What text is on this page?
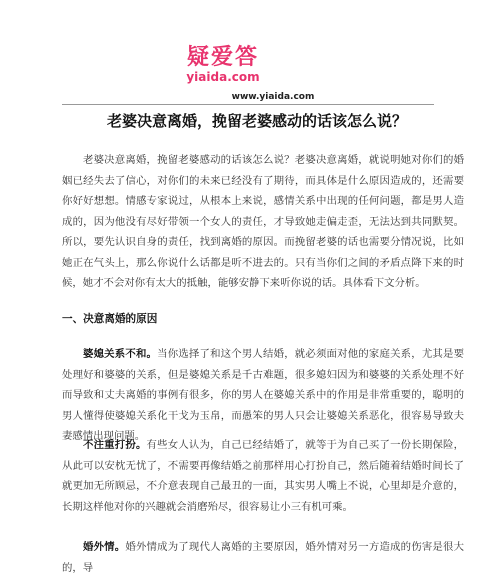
疑爱答
yiaida.com
www.yiaida.com
老婆决意离婚，挽留老婆感动的话该怎么说？
老婆决意离婚，挽留老婆感动的话该怎么说？老婆决意离婚，就说明她对你们的婚姻已经失去了信心，对你们的未来已经没有了期待，而具体是什么原因造成的，还需要你好好想想。情感专家说过，从根本上来说，感情关系中出现的任何问题，都是男人造成的，因为他没有尽好带领一个女人的责任，才导致她走偏走歪，无法达到共同默契。所以，要先认识自身的责任，找到离婚的原因。而挽留老婆的话也需要分情况说，比如她正在气头上，那么你说什么话都是听不进去的。只有当你们之间的矛盾点降下来的时候，她才不会对你有太大的抵触，能够安静下来听你说的话。具体看下文分析。
一、决意离婚的原因
婆媳关系不和。当你选择了和这个男人结婚，就必须面对他的家庭关系，尤其是要处理好和婆婆的关系，但是婆媳关系是千古难题，很多媳妇因为和婆婆的关系处理不好而导致和丈夫离婚的事例有很多，你的男人在婆媳关系中的作用是非常重要的，聪明的男人懂得使婆媳关系化干戈为玉帛，而愚笨的男人只会让婆媳关系恶化，很容易导致夫妻感情出现问题。
不注重打扮。有些女人认为，自己已经结婚了，就等于为自己买了一份长期保险，从此可以安枕无忧了，不需要再像结婚之前那样用心打扮自己，然后随着结婚时间长了就更加无所顾忌，不介意表现自己最丑的一面，其实男人嘴上不说，心里却是介意的，长期这样他对你的兴趣就会消磨殆尽，很容易让小三有机可乘。
婚外情。婚外情成为了现代人离婚的主要原因，婚外情对另一方造成的伤害是很大的，导
